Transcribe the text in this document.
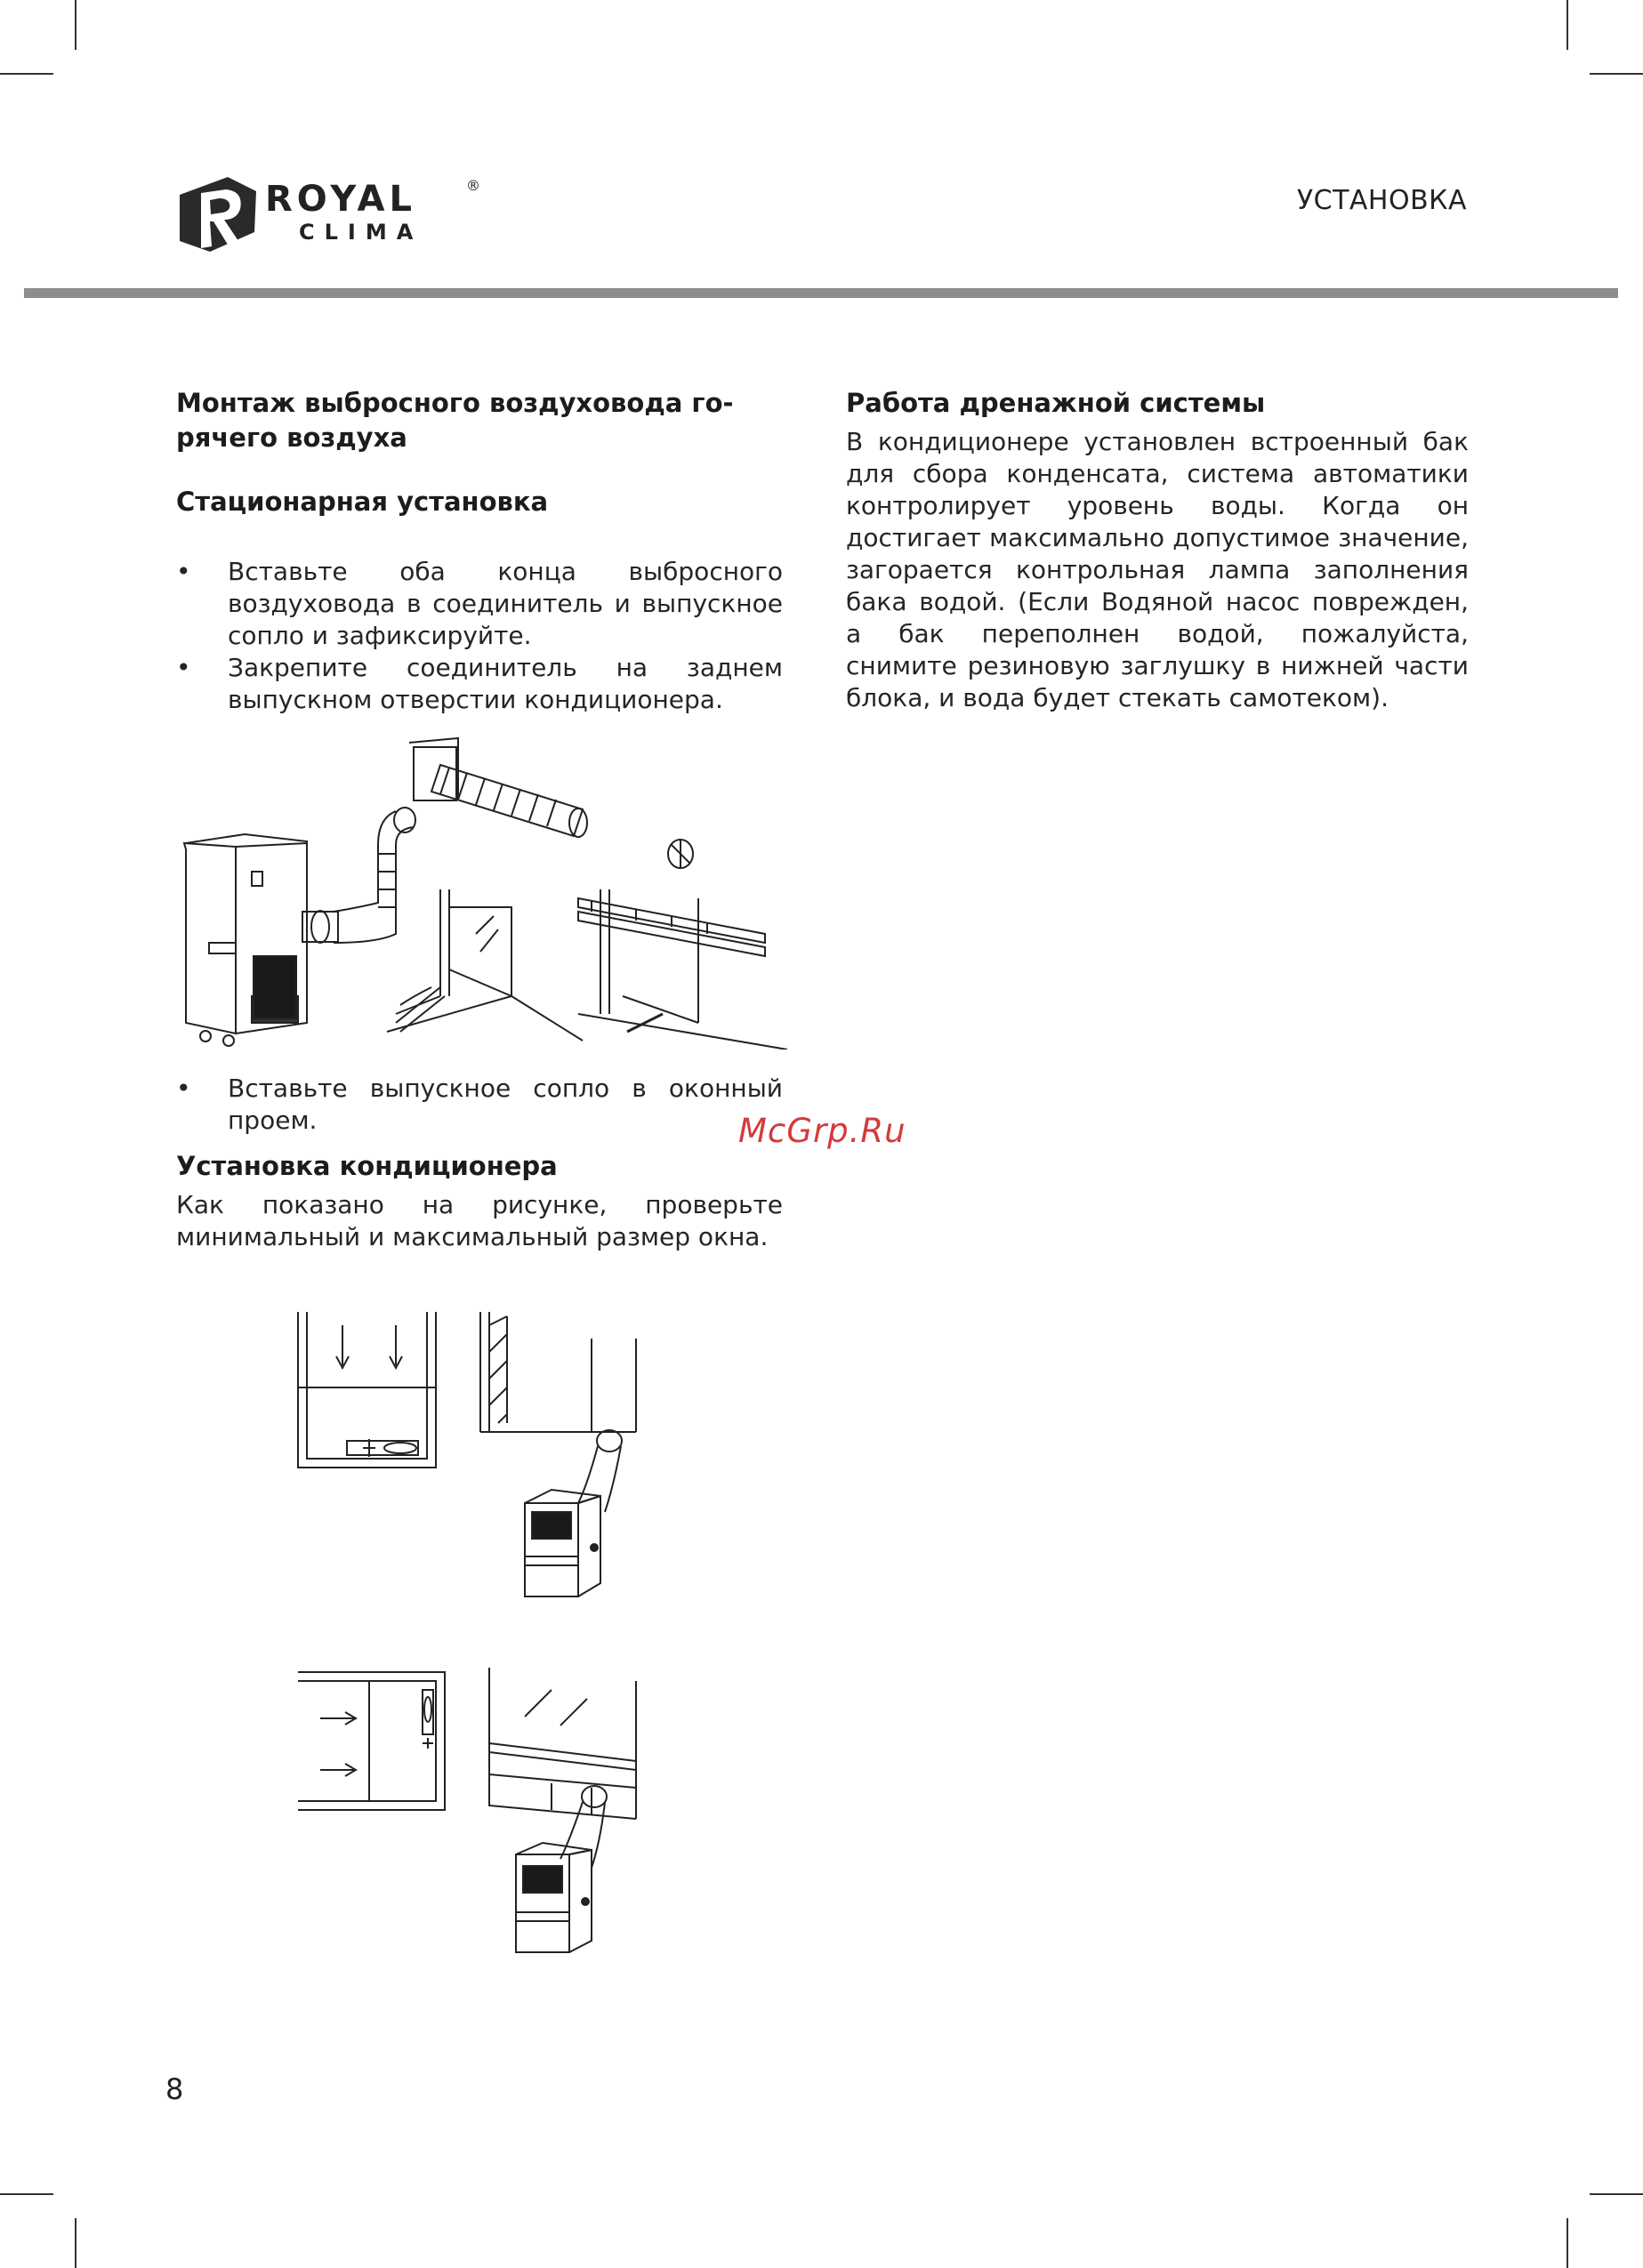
ROYAL	®
CLIMA
УСТАНОВКА

Монтаж выбросного воздуховода го-
рячего воздуха

Стационарная установка

• Вставьте оба конца выбросного воздуховода в соединитель и выпускное сопло и зафиксируйте.
• Закрепите соединитель на заднем выпускном отверстии кондиционера.
• Вставьте выпускное сопло в оконный проем.

Установка кондиционера

Как показано на рисунке, проверьте минимальный и максимальный размер окна.

McGrp.Ru

Работа дренажной системы

В кондиционере установлен встроенный бак для сбора конденсата, система автоматики контролирует уровень воды. Когда он достигает максимально допустимое значение, загорается контрольная лампа заполнения бака водой. (Если Водяной насос поврежден, а бак переполнен водой, пожалуйста, снимите резиновую заглушку в нижней части блока, и вода будет стекать самотеком).

8
